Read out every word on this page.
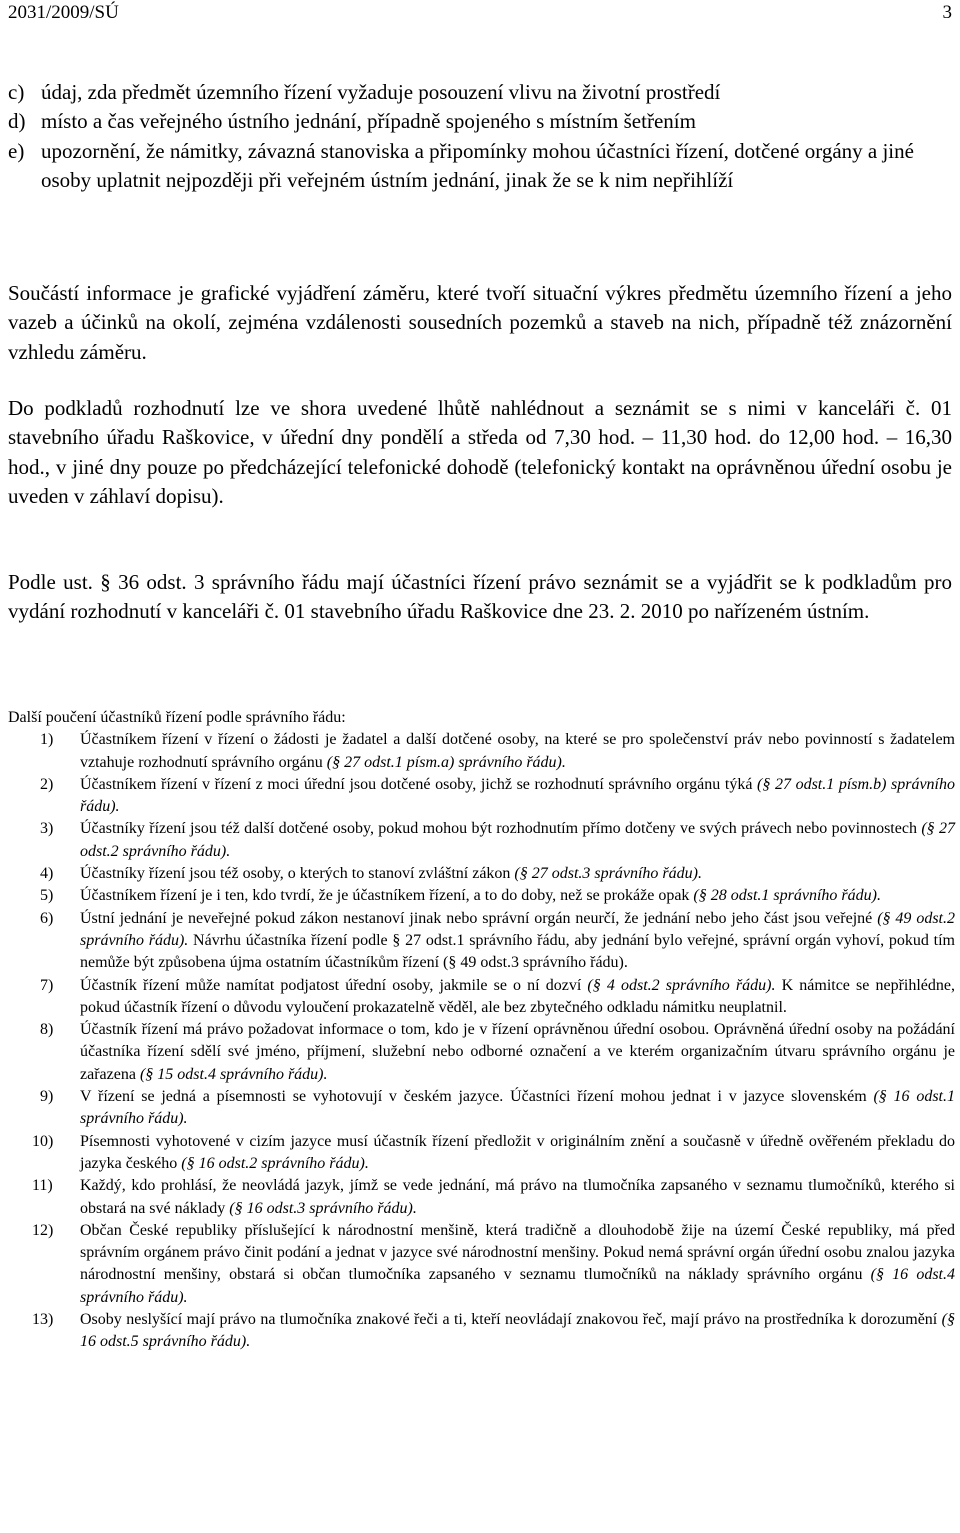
2031/2009/SÚ	3
c) údaj, zda předmět územního řízení vyžaduje posouzení vlivu na životní prostředí
d) místo a čas veřejného ústního jednání, případně spojeného s místním šetřením
e) upozornění, že námitky, závazná stanoviska a připomínky mohou účastníci řízení, dotčené orgány a jiné osoby uplatnit nejpozději při veřejném ústním jednání, jinak že se k nim nepřihlíží

Součástí informace je grafické vyjádření záměru, které tvoří situační výkres předmětu územního řízení a jeho vazeb a účinků na okolí, zejména vzdálenosti sousedních pozemků a staveb na nich, případně též znázornění vzhledu záměru.

Do podkladů rozhodnutí lze ve shora uvedené lhůtě nahlédnout a seznámit se s nimi v kanceláři č. 01 stavebního úřadu Raškovice, v úřední dny pondělí a středa od 7,30 hod. – 11,30 hod. do 12,00 hod. – 16,30 hod., v jiné dny pouze po předcházející telefonické dohodě (telefonický kontakt na oprávněnou úřední osobu je uveden v záhlaví dopisu).

Podle ust. § 36 odst. 3 správního řádu mají účastníci řízení právo seznámit se a vyjádřit se k podkladům pro vydání rozhodnutí v kanceláři č. 01 stavebního úřadu Raškovice dne 23. 2. 2010 po nařízeném ústním.

Další poučení účastníků řízení podle správního řádu:

1) Účastníkem řízení v řízení o žádosti je žadatel a další dotčené osoby, na které se pro společenství práv nebo povinností s žadatelem vztahuje rozhodnutí správního orgánu (§ 27 odst.1 písm.a) správního řádu).
2) Účastníkem řízení v řízení z moci úřední jsou dotčené osoby, jichž se rozhodnutí správního orgánu týká (§ 27 odst.1 písm.b) správního řádu).
3) Účastníky řízení jsou též další dotčené osoby, pokud mohou být rozhodnutím přímo dotčeny ve svých právech nebo povinnostech (§ 27 odst.2 správního řádu).
4) Účastníky řízení jsou též osoby, o kterých to stanoví zvláštní zákon (§ 27 odst.3 správního řádu).
5) Účastníkem řízení je i ten, kdo tvrdí, že je účastníkem řízení, a to do doby, než se prokáže opak (§ 28 odst.1 správního řádu).
6) Ústní jednání je neveřejné pokud zákon nestanoví jinak nebo správní orgán neurčí, že jednání nebo jeho část jsou veřejné (§ 49 odst.2 správního řádu). Návrhu účastníka řízení podle § 27 odst.1 správního řádu, aby jednání bylo veřejné, správní orgán vyhoví, pokud tím nemůže být způsobena újma ostatním účastníkům řízení (§ 49 odst.3 správního řádu).
7) Účastník řízení může namítat podjatost úřední osoby, jakmile se o ní dozví (§ 4 odst.2 správního řádu). K námitce se nepřihlédne, pokud účastník řízení o důvodu vyloučení prokazatelně věděl, ale bez zbytečného odkladu námitku neuplatnil.
8) Účastník řízení má právo požadovat informace o tom, kdo je v řízení oprávněnou úřední osobou. Oprávněná úřední osoby na požádání účastníka řízení sdělí své jméno, příjmení, služební nebo odborné označení a ve kterém organizačním útvaru správního orgánu je zařazena (§ 15 odst.4 správního řádu).
9) V řízení se jedná a písemnosti se vyhotovují v českém jazyce. Účastníci řízení mohou jednat i v jazyce slovenském (§ 16 odst.1 správního řádu).
10) Písemnosti vyhotovené v cizím jazyce musí účastník řízení předložit v originálním znění a současně v úředně ověřeném překladu do jazyka českého (§ 16 odst.2 správního řádu).
11) Každý, kdo prohlásí, že neovládá jazyk, jímž se vede jednání, má právo na tlumočníka zapsaného v seznamu tlumočníků, kterého si obstará na své náklady (§ 16 odst.3 správního řádu).
12) Občan České republiky příslušející k národnostní menšině, která tradičně a dlouhodobě žije na území České republiky, má před správním orgánem právo činit podání a jednat v jazyce své národnostní menšiny. Pokud nemá správní orgán úřední osobu znalou jazyka národnostní menšiny, obstará si občan tlumočníka zapsaného v seznamu tlumočníků na náklady správního orgánu (§ 16 odst.4 správního řádu).
13) Osoby neslyšící mají právo na tlumočníka znakové řeči a ti, kteří neovládají znakovou řeč, mají právo na prostředníka k dorozumění (§ 16 odst.5 správního řádu).
